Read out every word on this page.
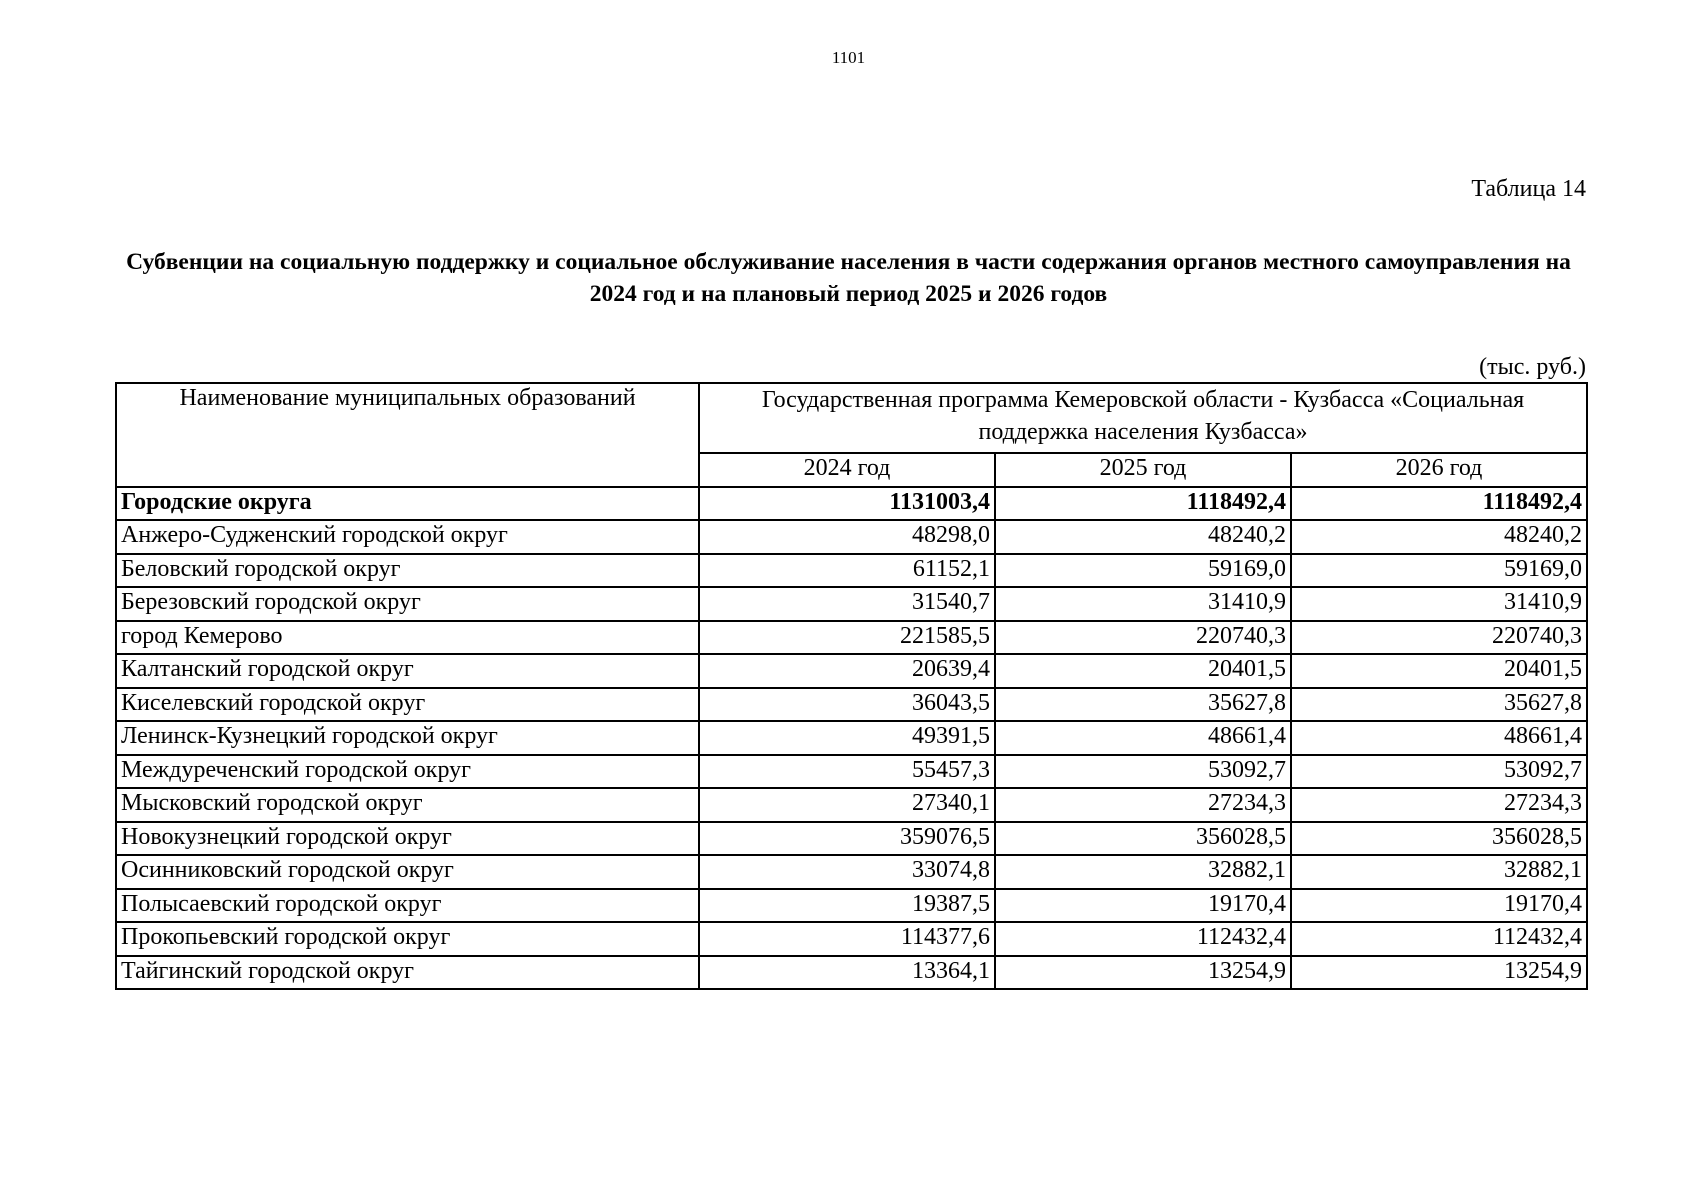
1101
Таблица 14
Субвенции на социальную поддержку и социальное обслуживание населения в части содержания органов местного самоуправления на 2024 год и на плановый период 2025 и 2026 годов
(тыс. руб.)
Наименование муниципальных образований	Государственная программа Кемеровской области - Кузбасса «Социальная поддержка населения Кузбасса»		
	2024 год	2025 год	2026 год
Городские округа	1131003,4	1118492,4	1118492,4
Анжеро-Судженский городской округ	48298,0	48240,2	48240,2
Беловский городской округ	61152,1	59169,0	59169,0
Березовский городской округ	31540,7	31410,9	31410,9
город Кемерово	221585,5	220740,3	220740,3
Калтанский городской округ	20639,4	20401,5	20401,5
Киселевский городской округ	36043,5	35627,8	35627,8
Ленинск-Кузнецкий городской округ	49391,5	48661,4	48661,4
Междуреченский городской округ	55457,3	53092,7	53092,7
Мысковский городской округ	27340,1	27234,3	27234,3
Новокузнецкий городской округ	359076,5	356028,5	356028,5
Осинниковский городской округ	33074,8	32882,1	32882,1
Полысаевский городской округ	19387,5	19170,4	19170,4
Прокопьевский городской округ	114377,6	112432,4	112432,4
Тайгинский городской округ	13364,1	13254,9	13254,9
